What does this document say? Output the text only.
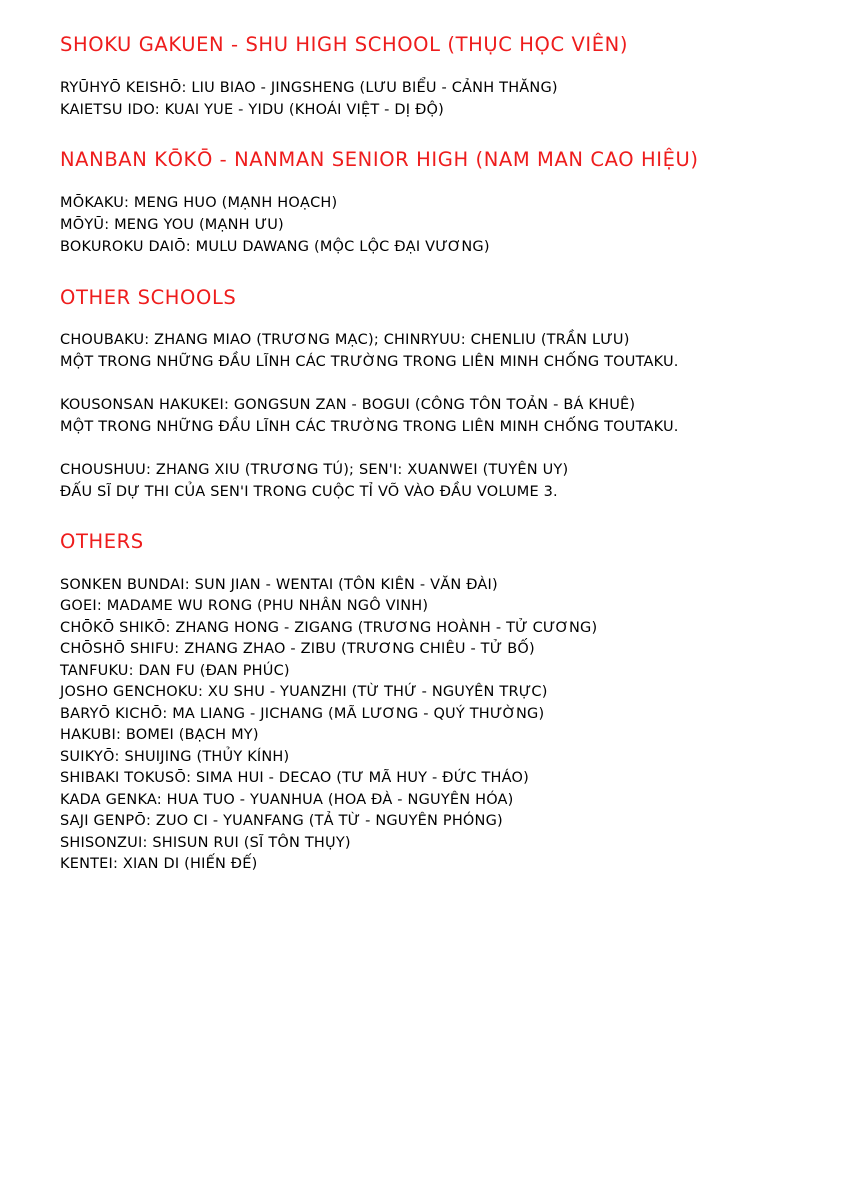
SHOKU GAKUEN - SHU HIGH SCHOOL (THỤC HỌC VIÊN)

RYŪHYŌ KEISHŌ: LIU BIAO - JINGSHENG (LƯU BIỂU - CẢNH THĂNG)

KAIETSU IDO: KUAI YUE - YIDU (KHOÁI VIỆT - DỊ ĐỘ)

NANBAN KŌKŌ - NANMAN SENIOR HIGH (NAM MAN CAO HIỆU)

MŌKAKU: MENG HUO (MẠNH HOẠCH)

MŌYŪ: MENG YOU (MẠNH ƯU)

BOKUROKU DAIŌ: MULU DAWANG (MỘC LỘC ĐẠI VƯƠNG)

OTHER SCHOOLS

CHOUBAKU: ZHANG MIAO (TRƯƠNG MẠC); CHINRYUU: CHENLIU (TRẦN LƯU)

MỘT TRONG NHỮNG ĐẦU LĨNH CÁC TRƯỜNG TRONG LIÊN MINH CHỐNG TOUTAKU.

KOUSONSAN HAKUKEI: GONGSUN ZAN - BOGUI (CÔNG TÔN TOẢN - BÁ KHUÊ)

MỘT TRONG NHỮNG ĐẦU LĨNH CÁC TRƯỜNG TRONG LIÊN MINH CHỐNG TOUTAKU.

CHOUSHUU: ZHANG XIU (TRƯƠNG TÚ); SEN'I: XUANWEI (TUYÊN UY)

ĐẤU SĨ DỰ THI CỦA SEN'I TRONG CUỘC TỈ VÕ VÀO ĐẦU VOLUME 3.

OTHERS

SONKEN BUNDAI: SUN JIAN - WENTAI (TÔN KIÊN - VĂN ĐÀI)

GOEI: MADAME WU RONG (PHU NHÂN NGÔ VINH)

CHŌKŌ SHIKŌ: ZHANG HONG - ZIGANG (TRƯƠNG HOÀNH - TỬ CƯƠNG)

CHŌSHŌ SHIFU: ZHANG ZHAO - ZIBU (TRƯƠNG CHIÊU - TỬ BỐ)

TANFUKU: DAN FU (ĐAN PHÚC)

JOSHO GENCHOKU: XU SHU - YUANZHI (TỪ THỨ - NGUYÊN TRỰC)

BARYŌ KICHŌ: MA LIANG - JICHANG (MÃ LƯƠNG - QUÝ THƯỜNG)

HAKUBI: BOMEI (BẠCH MY)

SUIKYŌ: SHUIJING (THỦY KÍNH)

SHIBAKI TOKUSŌ: SIMA HUI - DECAO (TƯ MÃ HUY - ĐỨC THÁO)

KADA GENKA: HUA TUO - YUANHUA (HOA ĐÀ - NGUYÊN HÓA)

SAJI GENPŌ: ZUO CI - YUANFANG (TẢ TỪ - NGUYÊN PHÓNG)

SHISONZUI: SHISUN RUI (SĨ TÔN THỤY)

KENTEI: XIAN DI (HIẾN ĐẾ)
